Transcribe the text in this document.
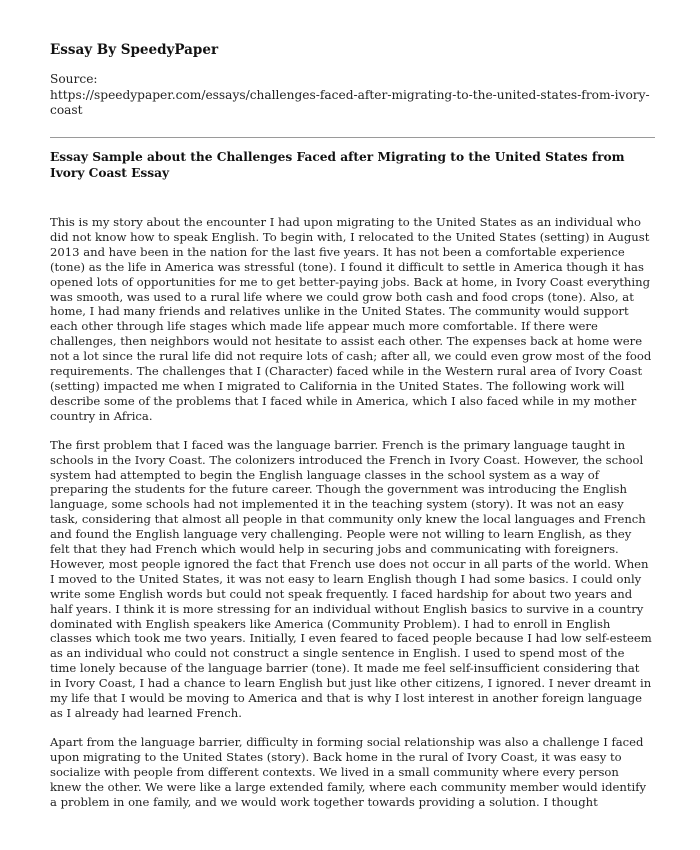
Essay By SpeedyPaper
Source:
https://speedypaper.com/essays/challenges-faced-after-migrating-to-the-united-states-from-ivory-coast
Essay Sample about the Challenges Faced after Migrating to the United States from Ivory Coast Essay

This is my story about the encounter I had upon migrating to the United States as an individual who did not know how to speak English. To begin with, I relocated to the United States (setting) in August 2013 and have been in the nation for the last five years. It has not been a comfortable experience (tone) as the life in America was stressful (tone). I found it difficult to settle in America though it has opened lots of opportunities for me to get better-paying jobs. Back at home, in Ivory Coast everything was smooth, was used to a rural life where we could grow both cash and food crops (tone). Also, at home, I had many friends and relatives unlike in the United States. The community would support each other through life stages which made life appear much more comfortable. If there were challenges, then neighbors would not hesitate to assist each other. The expenses back at home were not a lot since the rural life did not require lots of cash; after all, we could even grow most of the food requirements. The challenges that I (Character) faced while in the Western rural area of Ivory Coast (setting) impacted me when I migrated to California in the United States. The following work will describe some of the problems that I faced while in America, which I also faced while in my mother country in Africa.

The first problem that I faced was the language barrier. French is the primary language taught in schools in the Ivory Coast. The colonizers introduced the French in Ivory Coast. However, the school system had attempted to begin the English language classes in the school system as a way of preparing the students for the future career. Though the government was introducing the English language, some schools had not implemented it in the teaching system (story). It was not an easy task, considering that almost all people in that community only knew the local languages and French and found the English language very challenging. People were not willing to learn English, as they felt that they had French which would help in securing jobs and communicating with foreigners. However, most people ignored the fact that French use does not occur in all parts of the world. When I moved to the United States, it was not easy to learn English though I had some basics. I could only write some English words but could not speak frequently. I faced hardship for about two years and half years. I think it is more stressing for an individual without English basics to survive in a country dominated with English speakers like America (Community Problem). I had to enroll in English classes which took me two years. Initially, I even feared to faced people because I had low self-esteem as an individual who could not construct a single sentence in English. I used to spend most of the time lonely because of the language barrier (tone). It made me feel self-insufficient considering that in Ivory Coast, I had a chance to learn English but just like other citizens, I ignored. I never dreamt in my life that I would be moving to America and that is why I lost interest in another foreign language as I already had learned French.

Apart from the language barrier, difficulty in forming social relationship was also a challenge I faced upon migrating to the United States (story). Back home in the rural of Ivory Coast, it was easy to socialize with people from different contexts. We lived in a small community where every person knew the other. We were like a large extended family, where each community member would identify a problem in one family, and we would work together towards providing a solution. I thought
